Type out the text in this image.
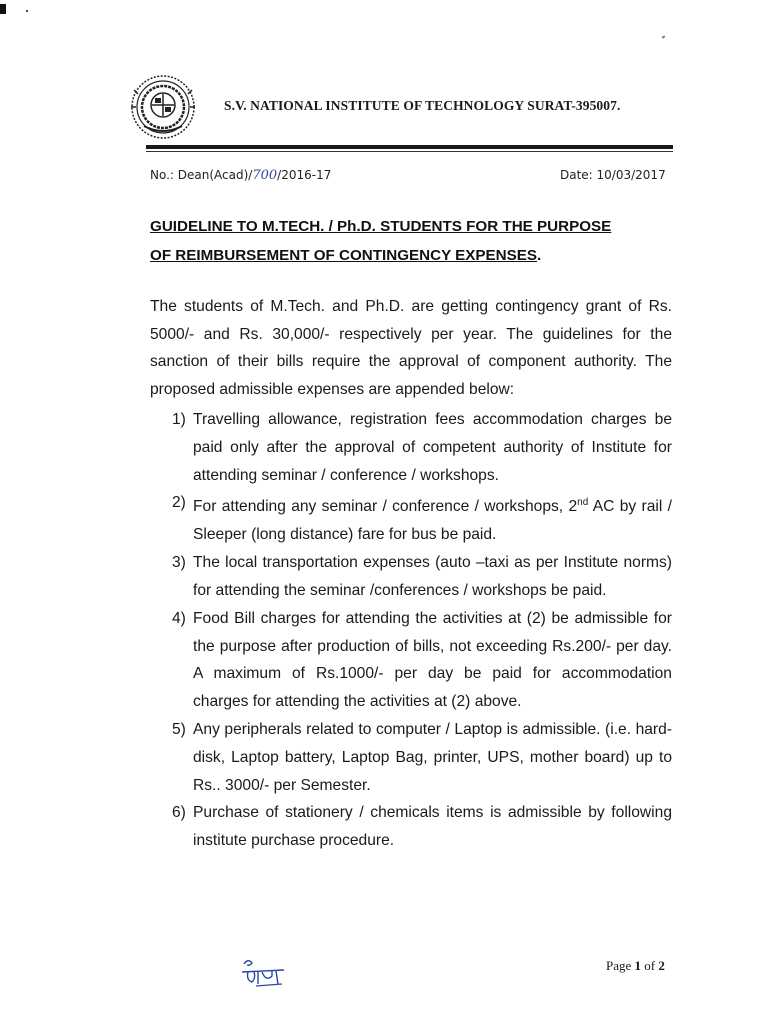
S.V. NATIONAL INSTITUTE OF TECHNOLOGY SURAT-395007.
No.: Dean(Acad)/700/2016-17	Date: 10/03/2017
GUIDELINE TO M.TECH. / Ph.D. STUDENTS FOR THE PURPOSE
OF REIMBURSEMENT OF CONTINGENCY EXPENSES.
The students of M.Tech. and Ph.D. are getting contingency grant of Rs. 5000/- and Rs. 30,000/- respectively per year. The guidelines for the sanction of their bills require the approval of component authority. The proposed admissible expenses are appended below:
1) Travelling allowance, registration fees accommodation charges be paid only after the approval of competent authority of Institute for attending seminar / conference / workshops.
2) For attending any seminar / conference / workshops, 2nd AC by rail / Sleeper (long distance) fare for bus be paid.
3) The local transportation expenses (auto –taxi as per Institute norms) for attending the seminar /conferences / workshops be paid.
4) Food Bill charges for attending the activities at (2) be admissible for the purpose after production of bills, not exceeding Rs.200/- per day. A maximum of Rs.1000/- per day be paid for accommodation charges for attending the activities at (2) above.
5) Any peripherals related to computer / Laptop is admissible. (i.e. hard-disk, Laptop battery, Laptop Bag, printer, UPS, mother board) up to Rs.. 3000/- per Semester.
6) Purchase of stationery / chemicals items is admissible by following institute purchase procedure.
Page 1 of 2
